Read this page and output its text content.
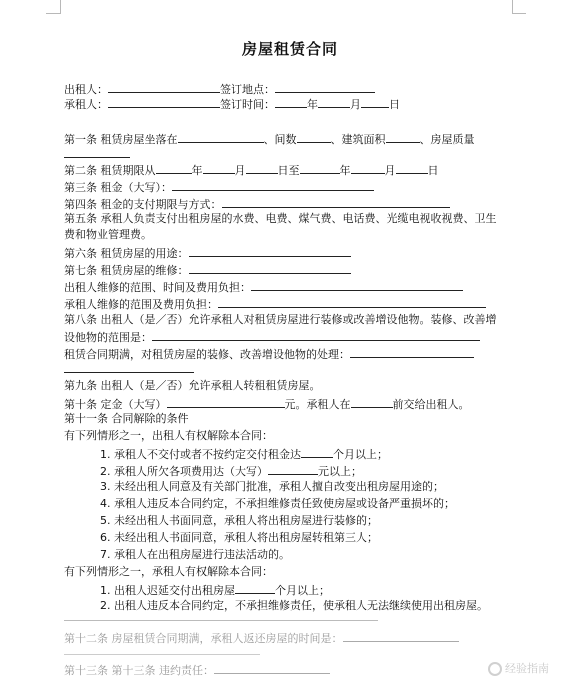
房屋租赁合同
出租人：	签订地点：
承租人：	签订时间：	年	月	日
第一条 租赁房屋坐落在	、间数	、建筑面积	、房屋质量
第二条 租赁期限从	年	月	日至	年	月	日
第三条 租金（大写）：
第四条 租金的支付期限与方式：
第五条 承租人负责支付出租房屋的水费、电费、煤气费、电话费、光缆电视收视费、卫生
费和物业管理费。
第六条 租赁房屋的用途：
第七条 租赁房屋的维修：
出租人维修的范围、时间及费用负担：
承租人维修的范围及费用负担：
第八条 出租人（是／否）允许承租人对租赁房屋进行装修或改善增设他物。装修、改善增
设他物的范围是：
租赁合同期满，对租赁房屋的装修、改善增设他物的处理：
第九条 出租人（是／否）允许承租人转租租赁房屋。
第十条 定金（大写）	元。承租人在	前交给出租人。
第十一条 合同解除的条件
有下列情形之一，出租人有权解除本合同：
1. 承租人不交付或者不按约定交付租金达	个月以上；
2. 承租人所欠各项费用达（大写）	元以上；
3. 未经出租人同意及有关部门批准，承租人擅自改变出租房屋用途的；
4. 承租人违反本合同约定，不承担维修责任致使房屋或设备严重损坏的；
5. 未经出租人书面同意，承租人将出租房屋进行装修的；
6. 未经出租人书面同意，承租人将出租房屋转租第三人；
7. 承租人在出租房屋进行违法活动的。
有下列情形之一，承租人有权解除本合同：
1. 出租人迟延交付出租房屋	个月以上；
2. 出租人违反本合同约定，不承担维修责任，使承租人无法继续使用出租房屋。
第十二条 房屋租赁合同期满，承租人返还房屋的时间是：
第十三条 第十三条 违约责任：	经验指南
